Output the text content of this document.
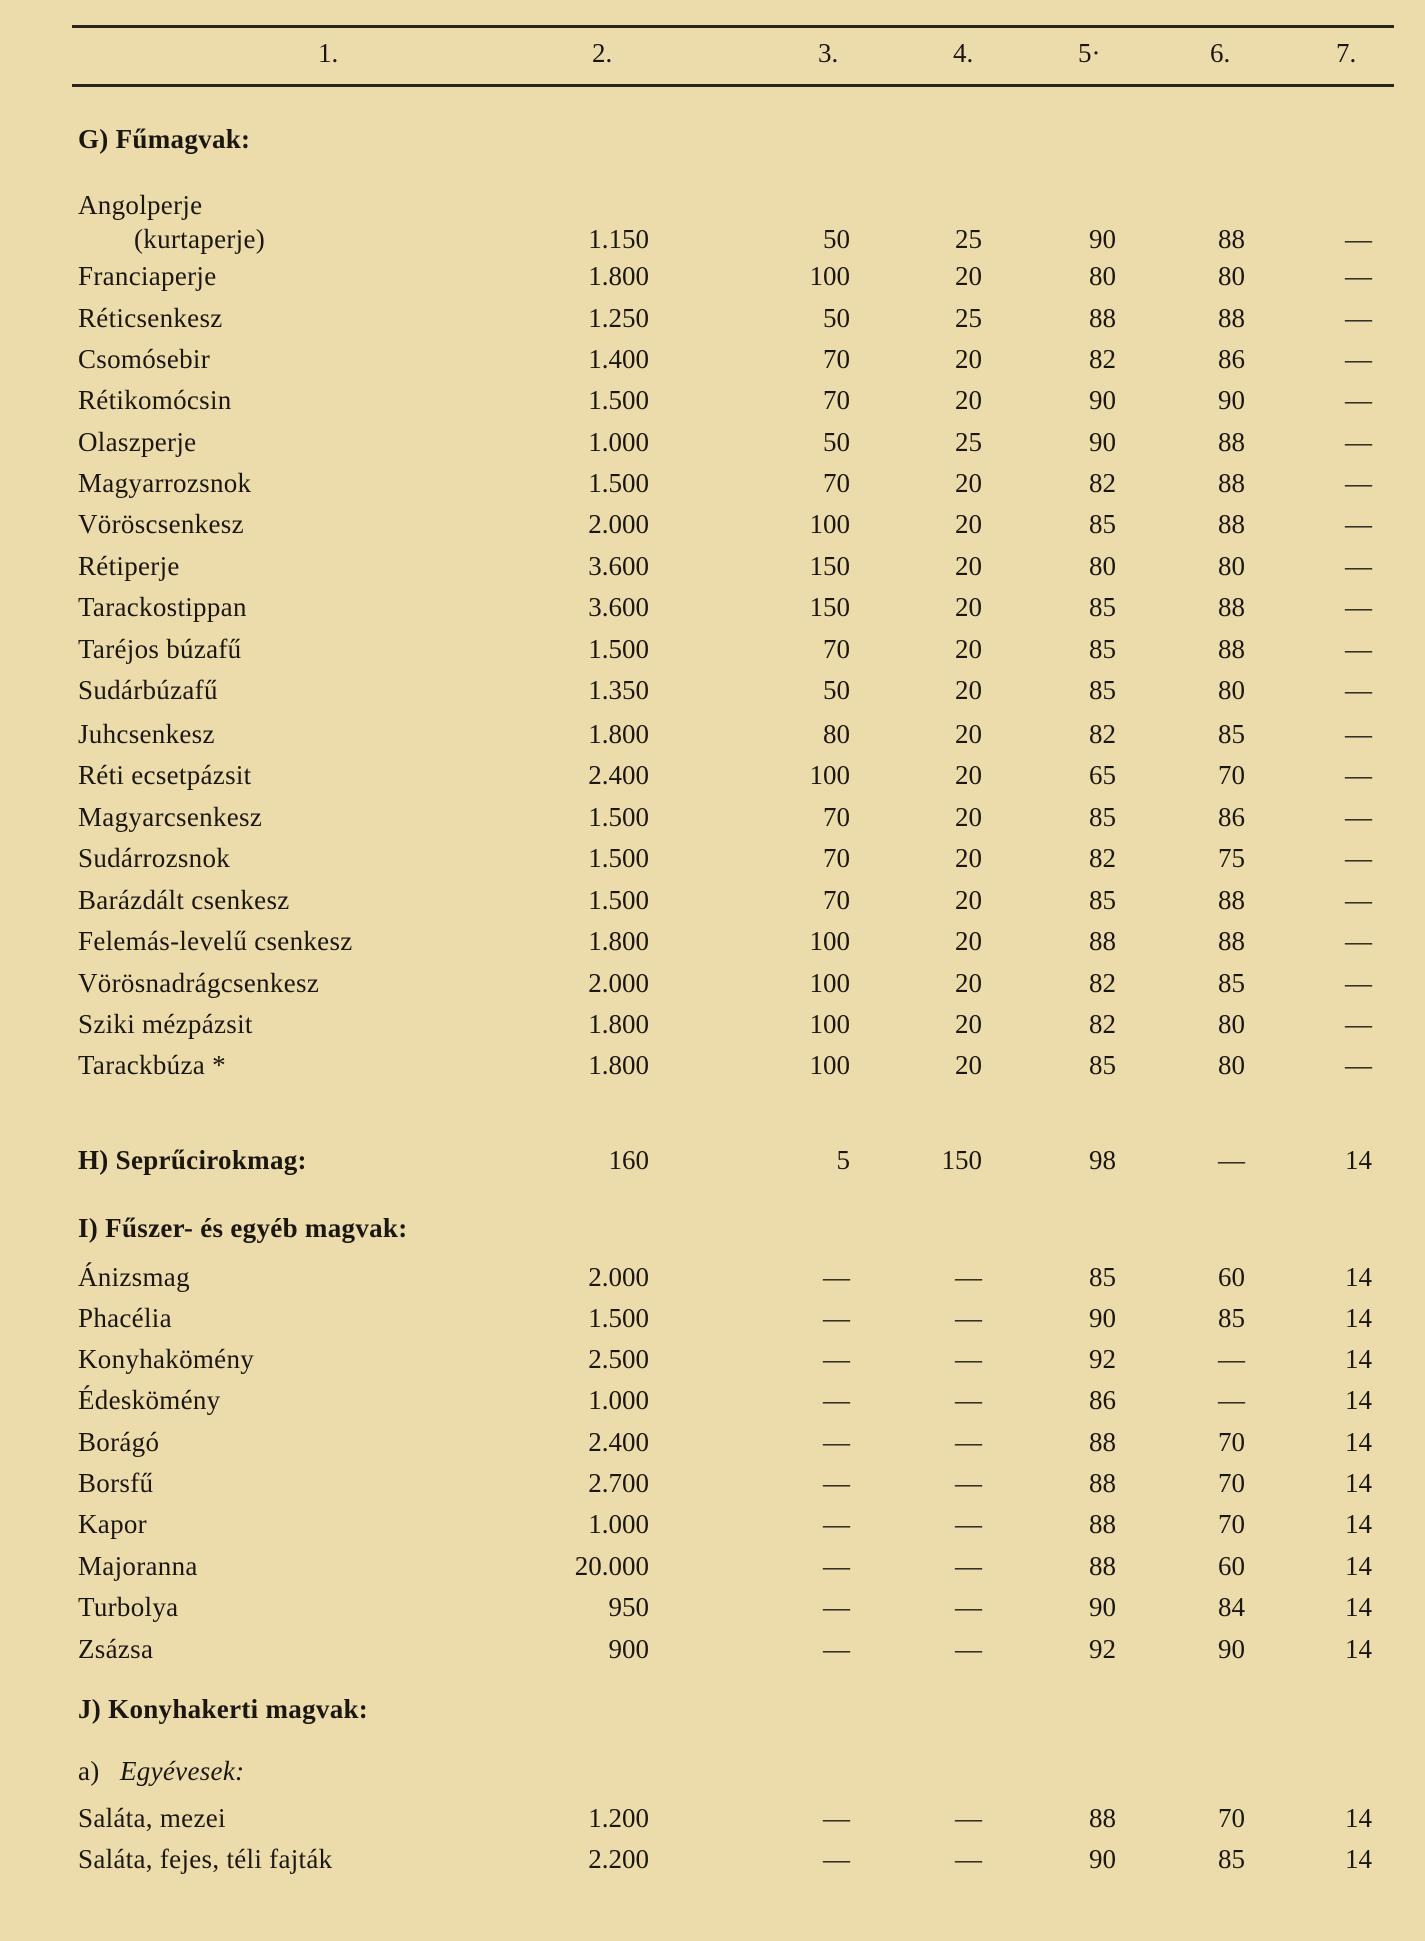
1.	2.	3.	4.	5·	6.	7.
G) Fűmagvak:
Angolperje
(kurtaperje)	1.150	50	25	90	88	—
Franciaperje	1.800	100	20	80	80	—
Réticsenkesz	1.250	50	25	88	88	—
Csomósebir	1.400	70	20	82	86	—
Rétikomócsin	1.500	70	20	90	90	—
Olaszperje	1.000	50	25	90	88	—
Magyarrozsnok	1.500	70	20	82	88	—
Vöröscsenkesz	2.000	100	20	85	88	—
Rétiperje	3.600	150	20	80	80	—
Tarackostippan	3.600	150	20	85	88	—
Taréjos búzafű	1.500	70	20	85	88	—
Sudárbúzafű	1.350	50	20	85	80	—
Juhcsenkesz	1.800	80	20	82	85	—
Réti ecsetpázsit	2.400	100	20	65	70	—
Magyarcsenkesz	1.500	70	20	85	86	—
Sudárrozsnok	1.500	70	20	82	75	—
Barázdált csenkesz	1.500	70	20	85	88	—
Felemás-levelű csenkesz	1.800	100	20	88	88	—
Vörösnadrágcsenkesz	2.000	100	20	82	85	—
Sziki mézpázsit	1.800	100	20	82	80	—
Tarackbúza *	1.800	100	20	85	80	—
H) Seprűcirokmag:	160	5	150	98	—	14
I) Fűszer- és egyéb magvak:
Ánizsmag	2.000	—	—	85	60	14
Phacélia	1.500	—	—	90	85	14
Konyhakömény	2.500	—	—	92	—	14
Édeskömény	1.000	—	—	86	—	14
Borágó	2.400	—	—	88	70	14
Borsfű	2.700	—	—	88	70	14
Kapor	1.000	—	—	88	70	14
Majoranna	20.000	—	—	88	60	14
Turbolya	950	—	—	90	84	14
Zsázsa	900	—	—	92	90	14
J) Konyhakerti magvak:
a) Egyévesek:
Saláta, mezei	1.200	—	—	88	70	14
Saláta, fejes, téli fajták	2.200	—	—	90	85	14
